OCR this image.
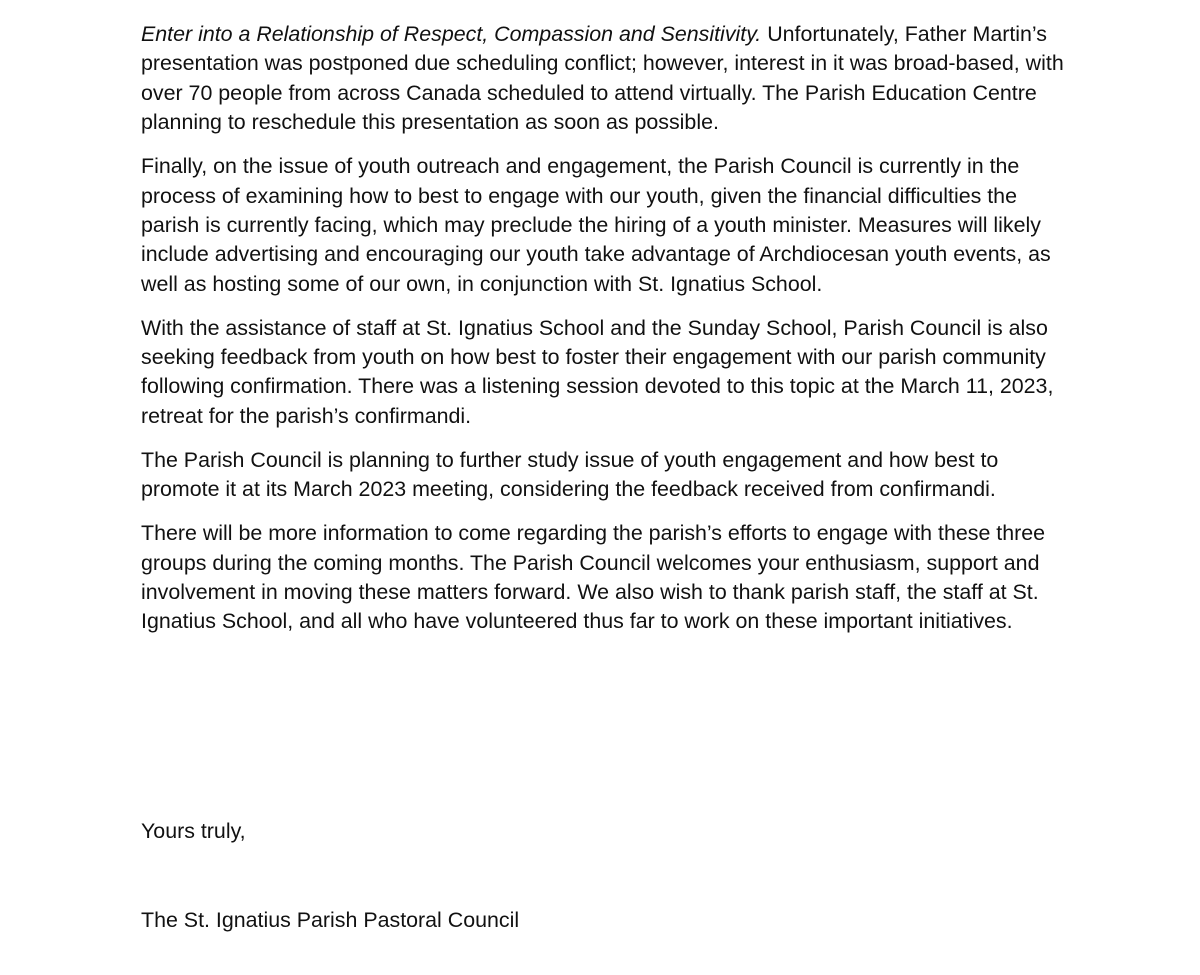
Enter into a Relationship of Respect, Compassion and Sensitivity. Unfortunately, Father Martin’s presentation was postponed due scheduling conflict; however, interest in it was broad-based, with over 70 people from across Canada scheduled to attend virtually. The Parish Education Centre planning to reschedule this presentation as soon as possible.

Finally, on the issue of youth outreach and engagement, the Parish Council is currently in the process of examining how to best to engage with our youth, given the financial difficulties the parish is currently facing, which may preclude the hiring of a youth minister. Measures will likely include advertising and encouraging our youth take advantage of Archdiocesan youth events, as well as hosting some of our own, in conjunction with St. Ignatius School.

With the assistance of staff at St. Ignatius School and the Sunday School, Parish Council is also seeking feedback from youth on how best to foster their engagement with our parish community following confirmation. There was a listening session devoted to this topic at the March 11, 2023, retreat for the parish’s confirmandi.

The Parish Council is planning to further study issue of youth engagement and how best to promote it at its March 2023 meeting, considering the feedback received from confirmandi.

There will be more information to come regarding the parish’s efforts to engage with these three groups during the coming months. The Parish Council welcomes your enthusiasm, support and involvement in moving these matters forward. We also wish to thank parish staff, the staff at St. Ignatius School, and all who have volunteered thus far to work on these important initiatives.

Yours truly,

The St. Ignatius Parish Pastoral Council
